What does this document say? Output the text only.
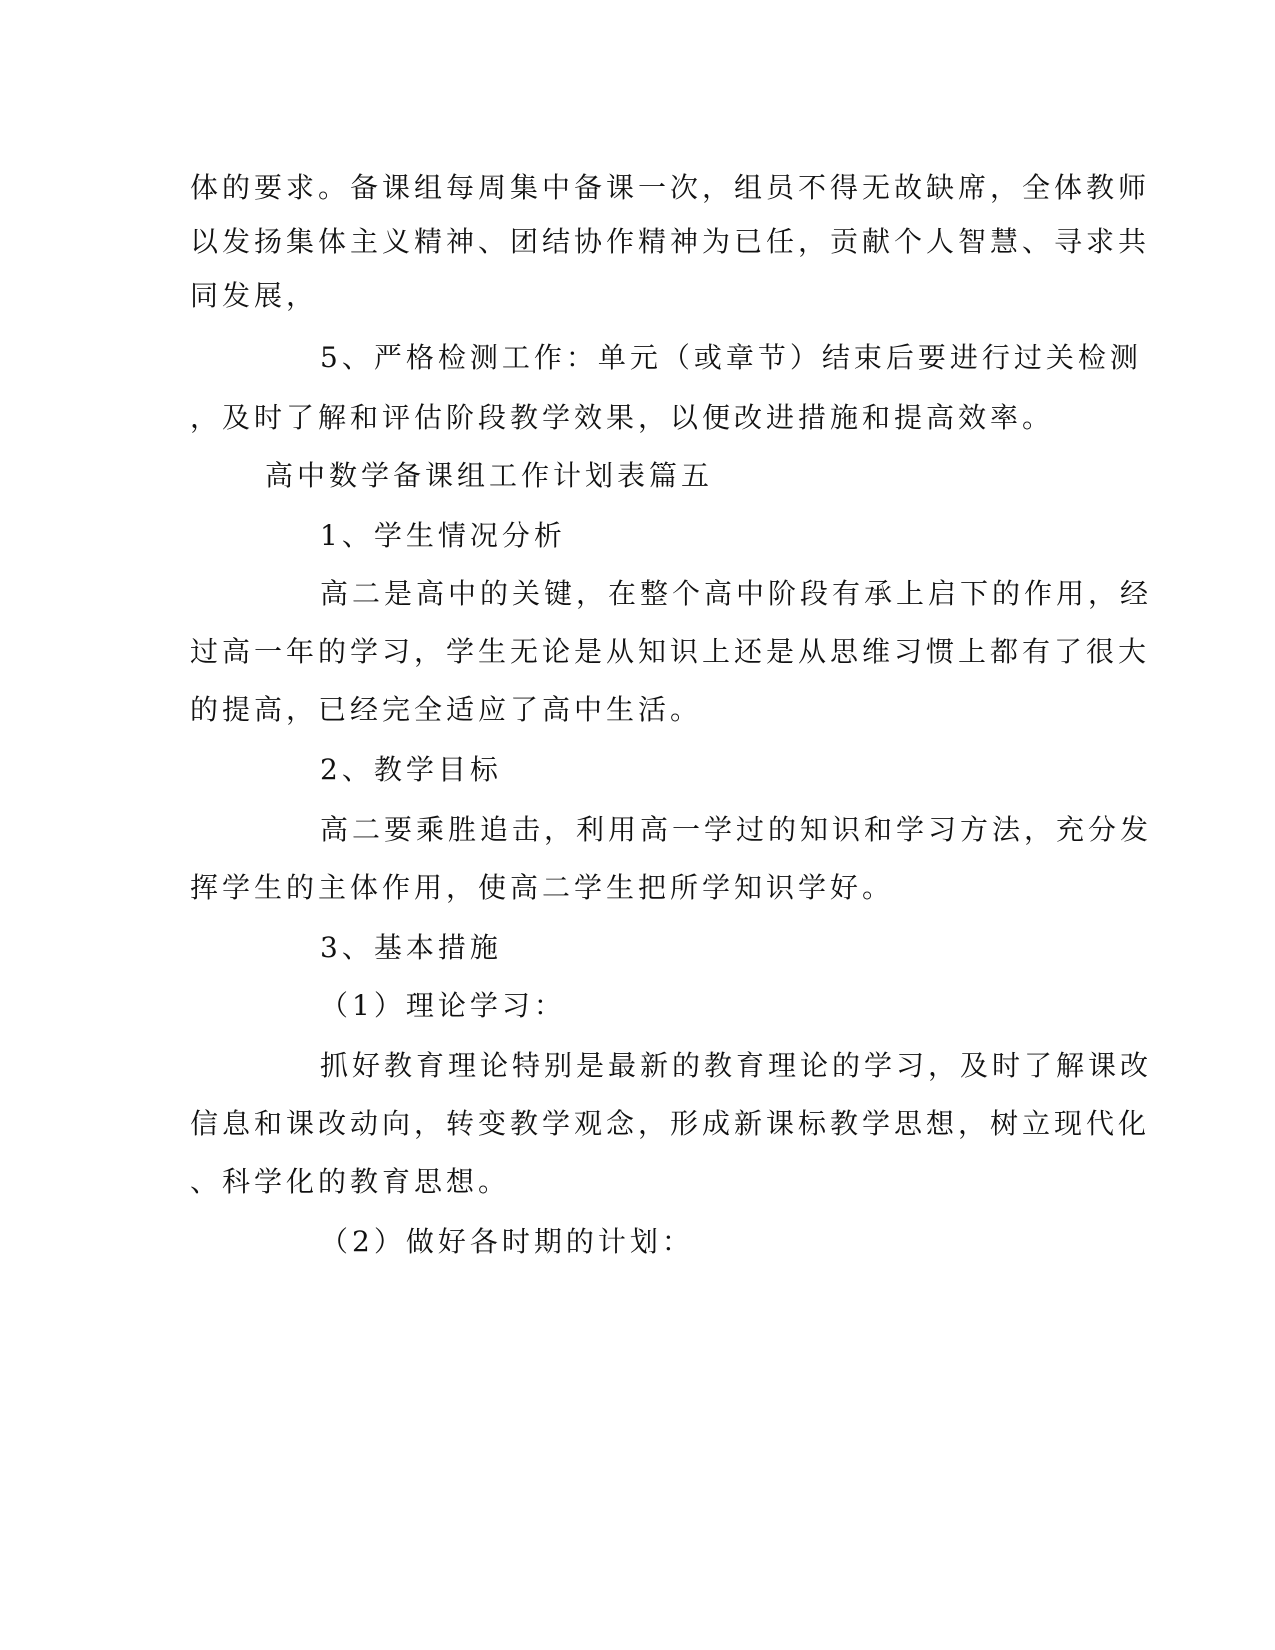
体的要求。备课组每周集中备课一次，组员不得无故缺席，全体教师
以发扬集体主义精神、团结协作精神为已任，贡献个人智慧、寻求共
同发展，
5、严格检测工作：单元（或章节）结束后要进行过关检测
，及时了解和评估阶段教学效果，以便改进措施和提高效率。
高中数学备课组工作计划表篇五
1、学生情况分析
高二是高中的关键，在整个高中阶段有承上启下的作用，经
过高一年的学习，学生无论是从知识上还是从思维习惯上都有了很大
的提高，已经完全适应了高中生活。
2、教学目标
高二要乘胜追击，利用高一学过的知识和学习方法，充分发
挥学生的主体作用，使高二学生把所学知识学好。
3、基本措施
（1）理论学习：
抓好教育理论特别是最新的教育理论的学习，及时了解课改
信息和课改动向，转变教学观念，形成新课标教学思想，树立现代化
、科学化的教育思想。
（2）做好各时期的计划：
